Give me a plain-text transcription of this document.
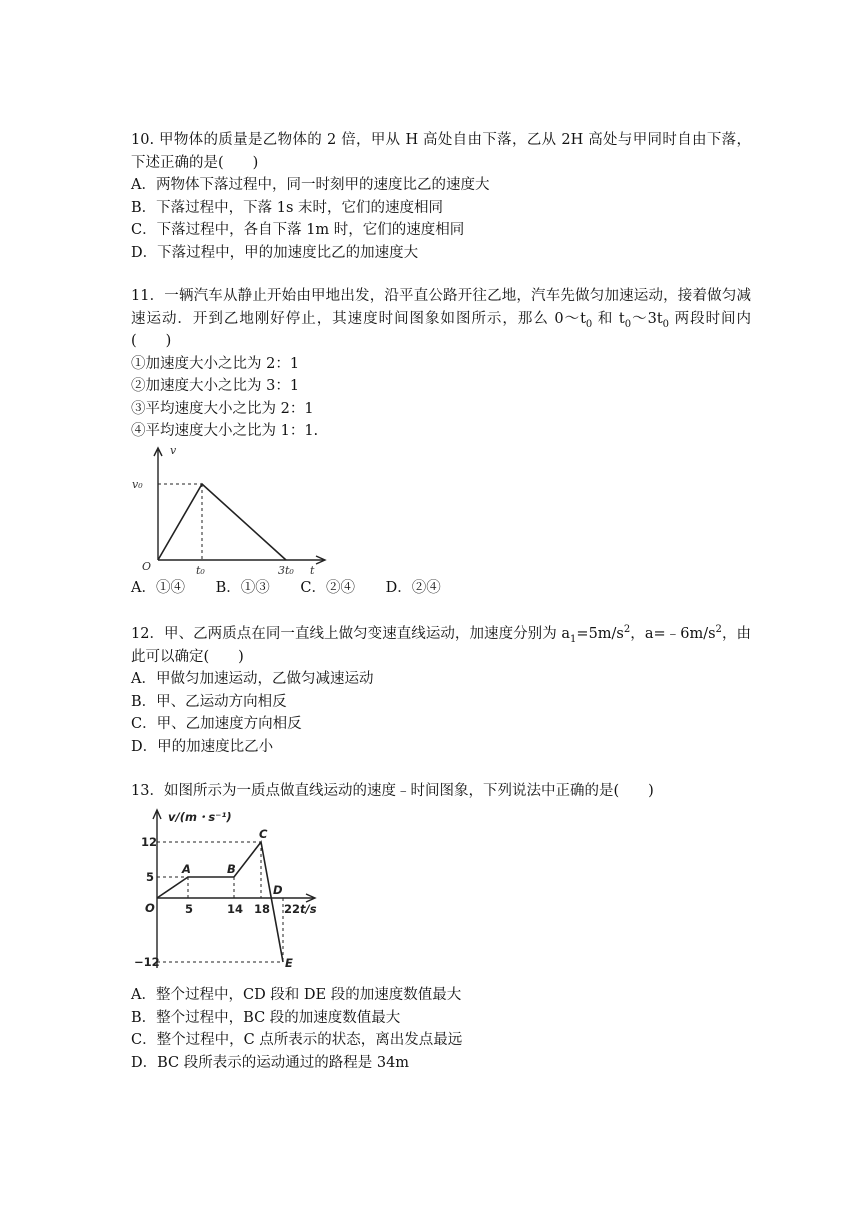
10. 甲物体的质量是乙物体的 2 倍，甲从 H 高处自由下落，乙从 2H 高处与甲同时自由下落，下述正确的是(　　)

A．两物体下落过程中，同一时刻甲的速度比乙的速度大

B．下落过程中，下落 1s 末时，它们的速度相同

C．下落过程中，各自下落 1m 时，它们的速度相同

D．下落过程中，甲的加速度比乙的加速度大

11．一辆汽车从静止开始由甲地出发，沿平直公路开往乙地，汽车先做匀加速运动，接着做匀减速运动．开到乙地刚好停止，其速度时间图象如图所示，那么 $0\sim t_0$ 和 $t_0\sim 3t_0$ 两段时间内(　　)

①加速度大小之比为 2：1

②加速度大小之比为 3：1

③平均速度大小之比为 2：1

④平均速度大小之比为 1：1.

v
v₀
O	t₀	3t₀ t

A．①④ B．①③ C．②④ D．②④

12．甲、乙两质点在同一直线上做匀变速直线运动，加速度分别为 $a_1=5m/s^2$，$a=﹣6m/s^2$，由此可以确定(　　)

A．甲做匀加速运动，乙做匀减速运动

B．甲、乙运动方向相反

C．甲、乙加速度方向相反

D．甲的加速度比乙小

13．如图所示为一质点做直线运动的速度﹣时间图象，下列说法中正确的是(　　)

v/(m・s⁻¹)
12
5
−12
O	5	14 18 22 t/s
A	B
C
D
E

A．整个过程中，CD 段和 DE 段的加速度数值最大

B．整个过程中，BC 段的加速度数值最大

C．整个过程中，C 点所表示的状态，离出发点最远

D．BC 段所表示的运动通过的路程是 34m
